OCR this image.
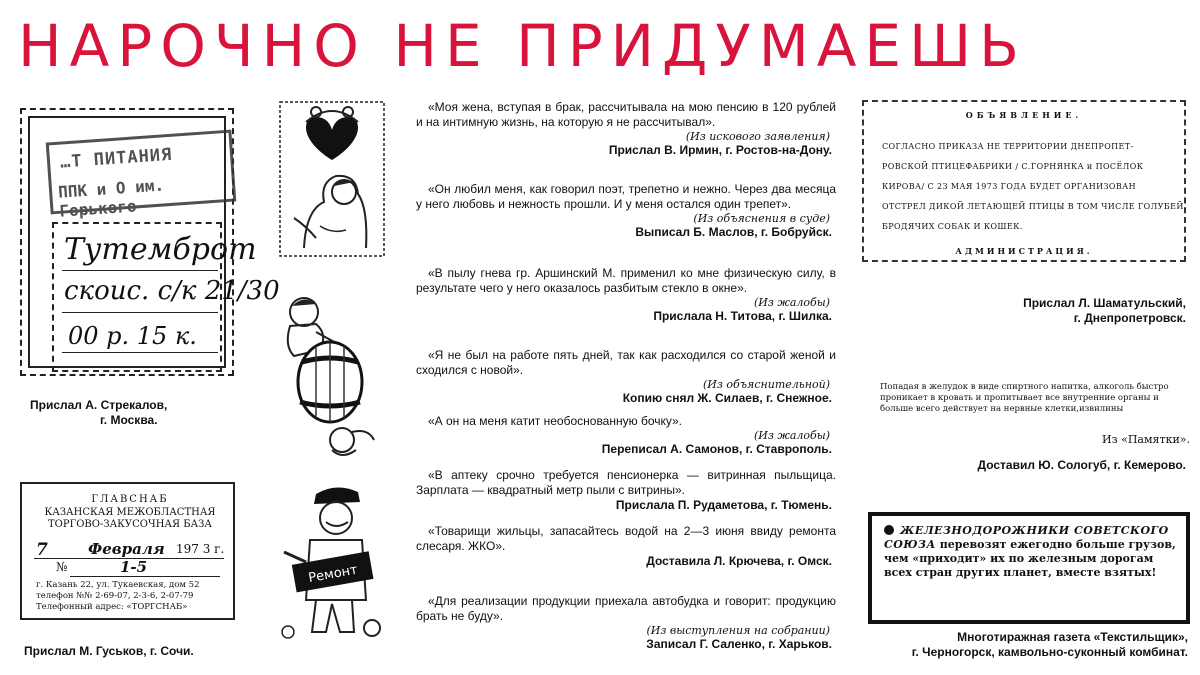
НАРОЧНО НЕ ПРИДУМАЕШЬ
…Т ПИТАНИЯ
ППК и О им. Горького
Тутемброт
скоис. с/к 21/30
00 р. 15 к.
Прислал А. Стрекалов,
г. Москва.
ГЛАВСНАБ
КАЗАНСКАЯ МЕЖОБЛАСТНАЯ
ТОРГОВО-ЗАКУСОЧНАЯ БАЗА
7	Февраля 197 3 г.
№	1-5
г. Казань 22, ул. Тукаевская, дом 52
телефон №№ 2-69-07, 2-3-6, 2-07-79
Телефонный адрес: «ТОРГСНАБ»
Прислал М. Гуськов, г. Сочи.
Ремонт
«Моя жена, вступая в брак, рассчитывала на мою пенсию в 120 рублей и на интимную жизнь, на которую я не рассчитывал».
(Из искового заявления)
Прислал В. Ирмин, г. Ростов-на-Дону.
«Он любил меня, как говорил поэт, трепетно и нежно. Через два месяца у него любовь и нежность прошли. И у меня остался один трепет».
(Из объяснения в суде)
Выписал Б. Маслов, г. Бобруйск.
«В пылу гнева гр. Аршинский М. применил ко мне физическую силу, в результате чего у него оказалось разбитым стекло в окне».
(Из жалобы)
Прислала Н. Титова, г. Шилка.
«Я не был на работе пять дней, так как расходился со старой женой и сходился с новой».
(Из объяснительной)
Копию снял Ж. Силаев, г. Снежное.
«А он на меня катит необоснованную бочку».
(Из жалобы)
Переписал А. Самонов, г. Ставрополь.
«В аптеку срочно требуется пенсионерка — витринная пыльщица. Зарплата — квадратный метр пыли с витрины».
Прислала П. Рудаметова, г. Тюмень.
«Товарищи жильцы, запасайтесь водой на 2—3 июня ввиду ремонта слесаря. ЖКО».
Доставила Л. Крючева, г. Омск.
«Для реализации продукции приехала автобудка и говорит: продукцию брать не буду».
(Из выступления на собрании)
Записал Г. Саленко, г. Харьков.
ОБЪЯВЛЕНИЕ.
СОГЛАСНО ПРИКАЗА НЕ ТЕРРИТОРИИ ДНЕПРОПЕТ-
РОВСКОЙ ПТИЦЕФАБРИКИ / С.ГОРНЯНКА и ПОСЁЛОК
КИРОВА/ С 23 МАЯ 1973 ГОДА БУДЕТ ОРГАНИЗОВАН
ОТСТРЕЛ ДИКОЙ ЛЕТАЮЩЕЙ ПТИЦЫ В ТОМ ЧИСЛЕ ГОЛУБЕЙ,
БРОДЯЧИХ СОБАК И КОШЕК.
АДМИНИСТРАЦИЯ.
Прислал Л. Шаматульский,
г. Днепропетровск.
Попадая в желудок в виде спиртного напитка, алкоголь быстро проникает в кровать и пропитывает все внутренние органы и больше всего действует на нервные клетки,извилины
Из «Памятки».
Доставил Ю. Сологуб, г. Кемерово.
ЖЕЛЕЗНОДОРОЖНИКИ СОВЕТСКОГО СОЮЗА перевозят ежегодно больше грузов, чем «приходит» их по железным дорогам всех стран других планет, вместе взятых!
Многотиражная газета «Текстильщик»,
г. Черногорск, камвольно-суконный комбинат.
